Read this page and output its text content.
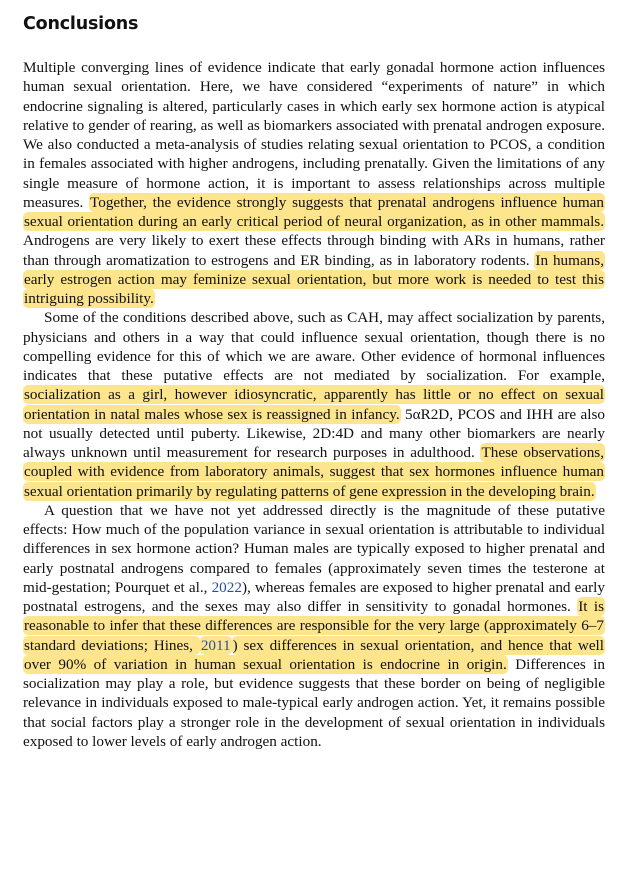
Conclusions

Multiple converging lines of evidence indicate that early gonadal hormone action influences human sexual orientation. Here, we have considered “experiments of nature” in which endocrine signaling is altered, particularly cases in which early sex hormone action is atypical relative to gender of rearing, as well as biomarkers associated with prenatal androgen exposure. We also conducted a meta-analysis of studies relating sexual orientation to PCOS, a condition in females associated with higher androgens, including prenatally. Given the limitations of any single measure of hormone action, it is important to assess relationships across multiple measures. Together, the evidence strongly suggests that prenatal androgens influence human sexual orientation during an early critical period of neural organization, as in other mammals. Androgens are very likely to exert these effects through binding with ARs in humans, rather than through aromatization to estrogens and ER binding, as in laboratory rodents. In humans, early estrogen action may feminize sexual orientation, but more work is needed to test this intriguing possibility.

Some of the conditions described above, such as CAH, may affect socialization by parents, physicians and others in a way that could influence sexual orientation, though there is no compelling evidence for this of which we are aware. Other evidence of hormonal influences indicates that these putative effects are not mediated by socialization. For example, socialization as a girl, however idiosyncratic, apparently has little or no effect on sexual orientation in natal males whose sex is reassigned in infancy. 5αR2D, PCOS and IHH are also not usually detected until puberty. Likewise, 2D:4D and many other biomarkers are nearly always unknown until measurement for research purposes in adulthood. These observations, coupled with evidence from laboratory animals, suggest that sex hormones influence human sexual orientation primarily by regulating patterns of gene expression in the developing brain.

A question that we have not yet addressed directly is the magnitude of these putative effects: How much of the population variance in sexual orientation is attributable to individual differences in sex hormone action? Human males are typically exposed to higher prenatal and early postnatal androgens compared to females (approximately seven times the testerone at mid-gestation; Pourquet et al., 2022), whereas females are exposed to higher prenatal and early postnatal estrogens, and the sexes may also differ in sensitivity to gonadal hormones. It is reasonable to infer that these differences are responsible for the very large (approximately 6–7 standard deviations; Hines, 2011 ) sex differences in sexual orientation, and hence that well over 90% of variation in human sexual orientation is endocrine in origin. Differences in socialization may play a role, but evidence suggests that these border on being of negligible relevance in individuals exposed to male-typical early androgen action. Yet, it remains possible that social factors play a stronger role in the development of sexual orientation in individuals exposed to lower levels of early androgen action.
